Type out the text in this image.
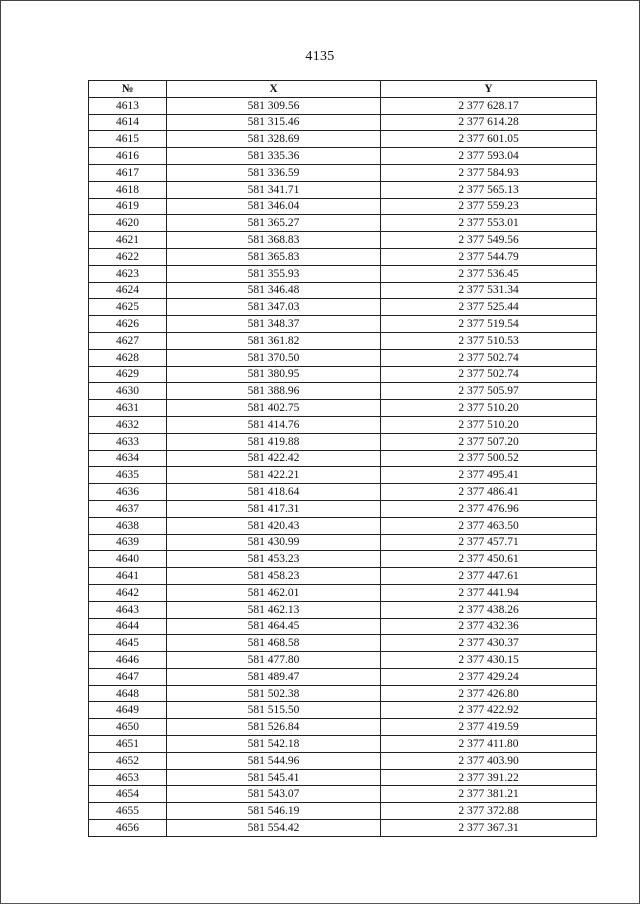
4135
№	X	Y
4613	581 309.56	2 377 628.17
4614	581 315.46	2 377 614.28
4615	581 328.69	2 377 601.05
4616	581 335.36	2 377 593.04
4617	581 336.59	2 377 584.93
4618	581 341.71	2 377 565.13
4619	581 346.04	2 377 559.23
4620	581 365.27	2 377 553.01
4621	581 368.83	2 377 549.56
4622	581 365.83	2 377 544.79
4623	581 355.93	2 377 536.45
4624	581 346.48	2 377 531.34
4625	581 347.03	2 377 525.44
4626	581 348.37	2 377 519.54
4627	581 361.82	2 377 510.53
4628	581 370.50	2 377 502.74
4629	581 380.95	2 377 502.74
4630	581 388.96	2 377 505.97
4631	581 402.75	2 377 510.20
4632	581 414.76	2 377 510.20
4633	581 419.88	2 377 507.20
4634	581 422.42	2 377 500.52
4635	581 422.21	2 377 495.41
4636	581 418.64	2 377 486.41
4637	581 417.31	2 377 476.96
4638	581 420.43	2 377 463.50
4639	581 430.99	2 377 457.71
4640	581 453.23	2 377 450.61
4641	581 458.23	2 377 447.61
4642	581 462.01	2 377 441.94
4643	581 462.13	2 377 438.26
4644	581 464.45	2 377 432.36
4645	581 468.58	2 377 430.37
4646	581 477.80	2 377 430.15
4647	581 489.47	2 377 429.24
4648	581 502.38	2 377 426.80
4649	581 515.50	2 377 422.92
4650	581 526.84	2 377 419.59
4651	581 542.18	2 377 411.80
4652	581 544.96	2 377 403.90
4653	581 545.41	2 377 391.22
4654	581 543.07	2 377 381.21
4655	581 546.19	2 377 372.88
4656	581 554.42	2 377 367.31
